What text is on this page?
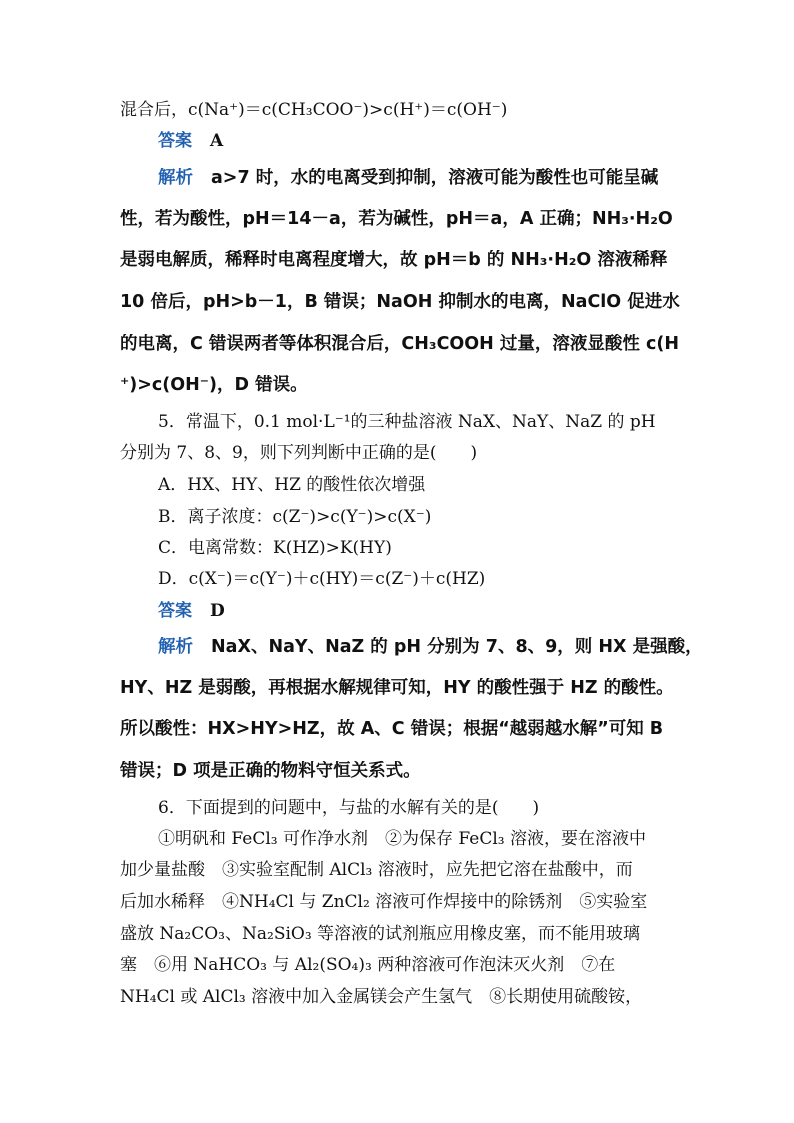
混合后，c(Na⁺)＝c(CH₃COO⁻)>c(H⁺)＝c(OH⁻)
答案 A
解析 a>7 时，水的电离受到抑制，溶液可能为酸性也可能呈碱
性，若为酸性，pH＝14－a，若为碱性，pH＝a，A 正确；NH₃·H₂O
是弱电解质，稀释时电离程度增大，故 pH＝b 的 NH₃·H₂O 溶液稀释
10 倍后，pH>b－1，B 错误；NaOH 抑制水的电离，NaClO 促进水
的电离，C 错误两者等体积混合后，CH₃COOH 过量，溶液显酸性 c(H
⁺)>c(OH⁻)，D 错误。
5．常温下，0.1 mol·L⁻¹的三种盐溶液 NaX、NaY、NaZ 的 pH
分别为 7、8、9，则下列判断中正确的是(　　)
A．HX、HY、HZ 的酸性依次增强
B．离子浓度：c(Z⁻)>c(Y⁻)>c(X⁻)
C．电离常数：K(HZ)>K(HY)
D．c(X⁻)＝c(Y⁻)＋c(HY)＝c(Z⁻)＋c(HZ)
答案 D
解析 NaX、NaY、NaZ 的 pH 分别为 7、8、9，则 HX 是强酸，
HY、HZ 是弱酸，再根据水解规律可知，HY 的酸性强于 HZ 的酸性。
所以酸性：HX>HY>HZ，故 A、C 错误；根据“越弱越水解”可知 B
错误；D 项是正确的物料守恒关系式。
6．下面提到的问题中，与盐的水解有关的是(　　)
①明矾和 FeCl₃ 可作净水剂　②为保存 FeCl₃ 溶液，要在溶液中
加少量盐酸　③实验室配制 AlCl₃ 溶液时，应先把它溶在盐酸中，而
后加水稀释　④NH₄Cl 与 ZnCl₂ 溶液可作焊接中的除锈剂　⑤实验室
盛放 Na₂CO₃、Na₂SiO₃ 等溶液的试剂瓶应用橡皮塞，而不能用玻璃
塞　⑥用 NaHCO₃ 与 Al₂(SO₄)₃ 两种溶液可作泡沫灭火剂　⑦在
NH₄Cl 或 AlCl₃ 溶液中加入金属镁会产生氢气　⑧长期使用硫酸铵，
